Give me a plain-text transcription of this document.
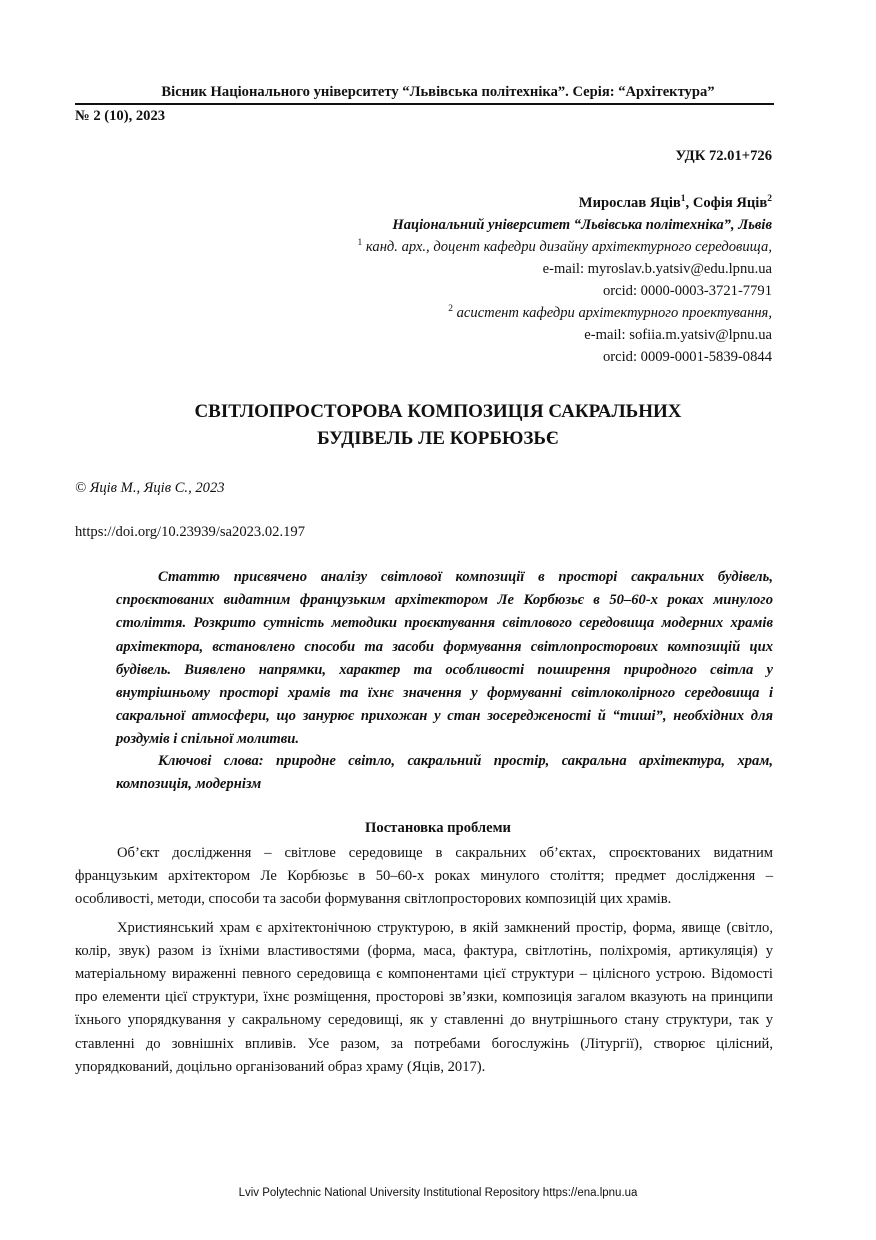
Вісник Національного університету “Львівська політехніка”. Серія: “Архітектура”
№ 2 (10), 2023
УДК 72.01+726
Мирослав Яців$^1$, Софія Яців$^2$
Національний університет “Львівська політехніка”, Львів
$^1$ канд. арх., доцент кафедри дизайну архітектурного середовища,
e-mail: myroslav.b.yatsiv@edu.lpnu.ua
orcid: 0000-0003-3721-7791
$^2$ асистент кафедри архітектурного проектування,
e-mail: sofiia.m.yatsiv@lpnu.ua
orcid: 0009-0001-5839-0844
СВІТЛОПРОСТОРОВА КОМПОЗИЦІЯ САКРАЛЬНИХ
БУДІВЕЛЬ ЛЕ КОРБЮЗЬЄ
© Яців М., Яців С., 2023
https://doi.org/10.23939/sa2023.02.197

Статтю присвячено аналізу світлової композиції в просторі сакральних будівель, спроєктованих видатним французьким архітектором Ле Корбюзьє в 50–60-х роках минулого століття. Розкрито сутність методики проєктування світлового середовища модерних храмів архітектора, встановлено способи та засоби формування світлопросторових композицій цих будівель. Виявлено напрямки, характер та особливості поширення природного світла у внутрішньому просторі храмів та їхнє значення у формуванні світлоколірного середовища і сакральної атмосфери, що занурює прихожан у стан зосередженості й “тиші”, необхідних для роздумів і спільної молитви.

Ключові слова: природне світло, сакральний простір, сакральна архітектура, храм, композиція, модернізм

Постановка проблеми

Об’єкт дослідження – світлове середовище в сакральних об’єктах, спроєктованих видатним французьким архітектором Ле Корбюзьє в 50–60-х роках минулого століття; предмет дослідження – особливості, методи, способи та засоби формування світлопросторових композицій цих храмів.

Християнський храм є архітектонічною структурою, в якій замкнений простір, форма, явище (світло, колір, звук) разом із їхніми властивостями (форма, маса, фактура, світлотінь, поліхромія, артикуляція) у матеріальному вираженні певного середовища є компонентами цієї структури – цілісного устрою. Відомості про елементи цієї структури, їхнє розміщення, просторові зв’язки, композиція загалом вказують на принципи їхнього упорядкування у сакральному середовищі, як у ставленні до внутрішнього стану структури, так у ставленні до зовнішніх впливів. Усе разом, за потребами богослужінь (Літургії), створює цілісний, упорядкований, доцільно організований образ храму (Яців, 2017).

Lviv Polytechnic National University Institutional Repository https://ena.lpnu.ua
